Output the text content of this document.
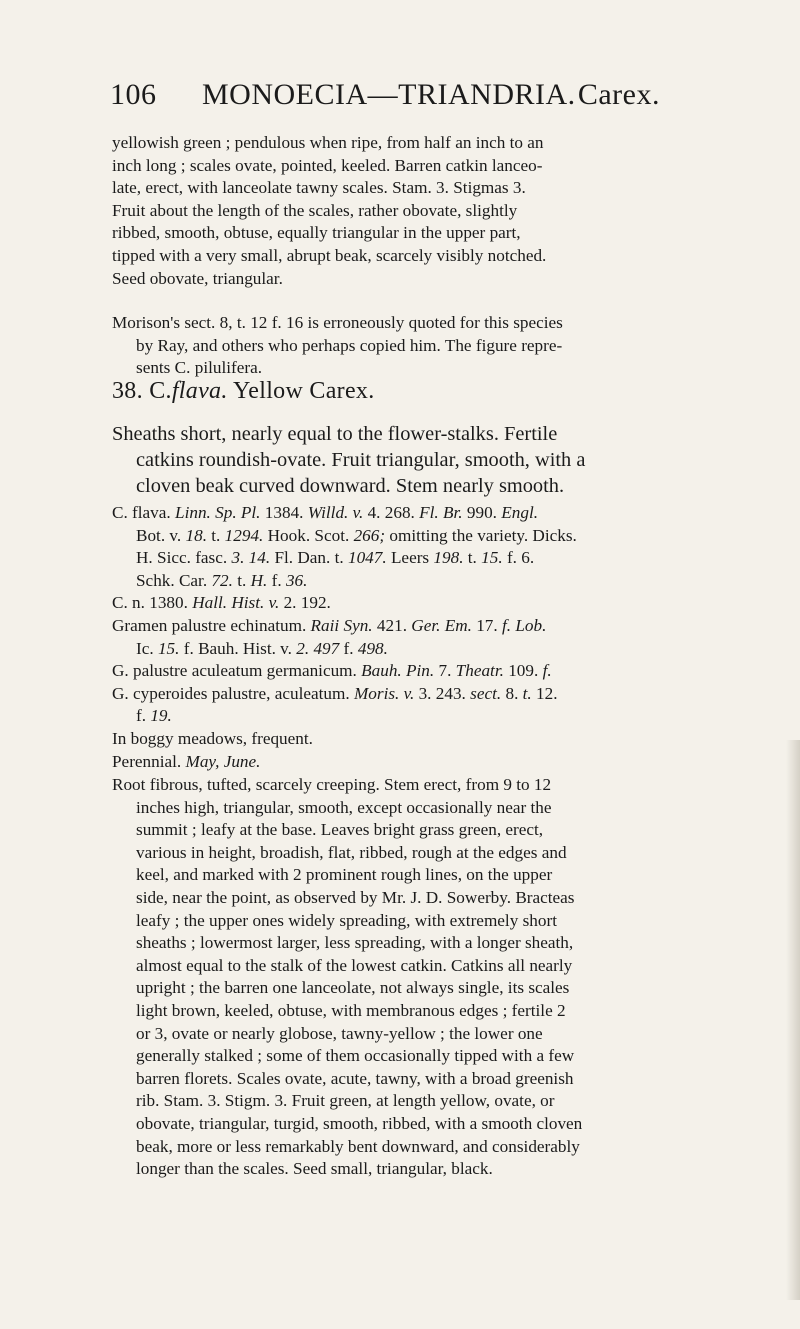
106 MONOECIA—TRIANDRIA. Carex.

yellowish green ; pendulous when ripe, from half an inch to an

inch long ; scales ovate, pointed, keeled. Barren catkin lanceo-
late, erect, with lanceolate tawny scales. Stam. 3. Stigmas 3.
Fruit about the length of the scales, rather obovate, slightly
ribbed, smooth, obtuse, equally triangular in the upper part,
tipped with a very small, abrupt beak, scarcely visibly notched.
Seed obovate, triangular.

Morison's sect. 8, t. 12 f. 16 is erroneously quoted for this species

by Ray, and others who perhaps copied him. The figure repre-

sents C. pilulifera.

38. C.flava. Yellow Carex.

Sheaths short, nearly equal to the flower-stalks. Fertile

catkins roundish-ovate. Fruit triangular, smooth, with a

cloven beak curved downward. Stem nearly smooth.

C. flava. Linn. Sp. Pl. 1384. Willd. v. 4. 268. Fl. Br. 990. Engl.

Bot. v. 18. t. 1294. Hook. Scot. 266; omitting the variety. Dicks.

H. Sicc. fasc. 3. 14. Fl. Dan. t. 1047. Leers 198. t. 15. f. 6.

Schk. Car. 72. t. H. f. 36.

C. n. 1380. Hall. Hist. v. 2. 192.

Gramen palustre echinatum. Raii Syn. 421. Ger. Em. 17. f. Lob.

Ic. 15. f. Bauh. Hist. v. 2. 497 f. 498.

G. palustre aculeatum germanicum. Bauh. Pin. 7. Theatr. 109. f.

G. cyperoides palustre, aculeatum. Moris. v. 3. 243. sect. 8. t. 12.

f. 19.

In boggy meadows, frequent.

Perennial. May, June.

Root fibrous, tufted, scarcely creeping. Stem erect, from 9 to 12

inches high, triangular, smooth, except occasionally near the

summit ; leafy at the base. Leaves bright grass green, erect,

various in height, broadish, flat, ribbed, rough at the edges and

keel, and marked with 2 prominent rough lines, on the upper

side, near the point, as observed by Mr. J. D. Sowerby. Bracteas

leafy ; the upper ones widely spreading, with extremely short

sheaths ; lowermost larger, less spreading, with a longer sheath,

almost equal to the stalk of the lowest catkin. Catkins all nearly

upright ; the barren one lanceolate, not always single, its scales

light brown, keeled, obtuse, with membranous edges ; fertile 2

or 3, ovate or nearly globose, tawny-yellow ; the lower one

generally stalked ; some of them occasionally tipped with a few

barren florets. Scales ovate, acute, tawny, with a broad greenish

rib. Stam. 3. Stigm. 3. Fruit green, at length yellow, ovate, or

obovate, triangular, turgid, smooth, ribbed, with a smooth cloven

beak, more or less remarkably bent downward, and considerably

longer than the scales. Seed small, triangular, black.
